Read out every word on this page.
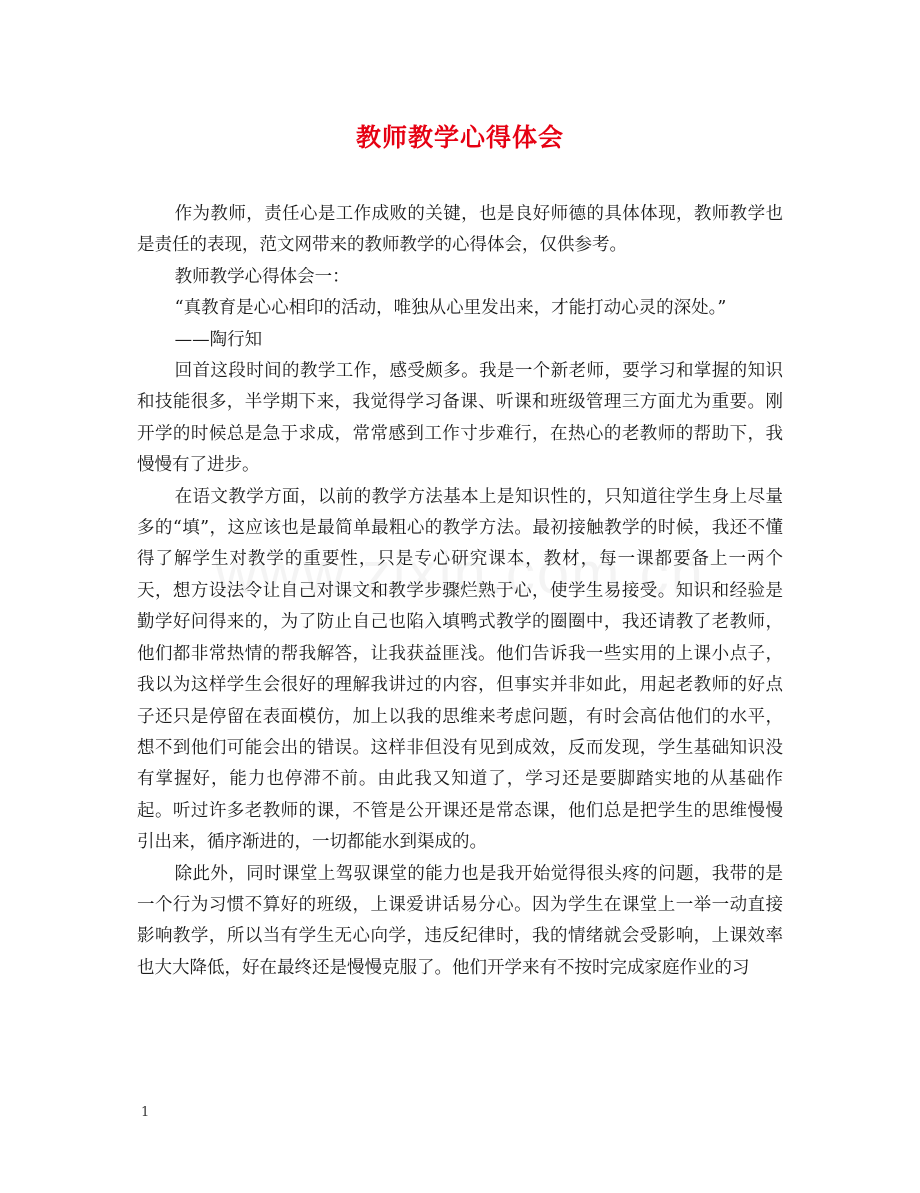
教师教学心得体会

作为教师，责任心是工作成败的关键，也是良好师德的具体体现，教师教学也是责任的表现，范文网带来的教师教学的心得体会，仅供参考。

教师教学心得体会一：

“真教育是心心相印的活动，唯独从心里发出来，才能打动心灵的深处。”

——陶行知

回首这段时间的教学工作，感受颇多。我是一个新老师，要学习和掌握的知识和技能很多，半学期下来，我觉得学习备课、听课和班级管理三方面尤为重要。刚开学的时候总是急于求成，常常感到工作寸步难行，在热心的老教师的帮助下，我慢慢有了进步。

在语文教学方面，以前的教学方法基本上是知识性的，只知道往学生身上尽量多的“填”，这应该也是最简单最粗心的教学方法。最初接触教学的时候，我还不懂得了解学生对教学的重要性，只是专心研究课本，教材，每一课都要备上一两个天，想方设法令让自己对课文和教学步骤烂熟于心，使学生易接受。知识和经验是勤学好问得来的，为了防止自己也陷入填鸭式教学的圈圈中，我还请教了老教师，他们都非常热情的帮我解答，让我获益匪浅。他们告诉我一些实用的上课小点子，我以为这样学生会很好的理解我讲过的内容，但事实并非如此，用起老教师的好点子还只是停留在表面模仿，加上以我的思维来考虑问题，有时会高估他们的水平，想不到他们可能会出的错误。这样非但没有见到成效，反而发现，学生基础知识没有掌握好，能力也停滞不前。由此我又知道了，学习还是要脚踏实地的从基础作起。听过许多老教师的课，不管是公开课还是常态课，他们总是把学生的思维慢慢引出来，循序渐进的，一切都能水到渠成的。

除此外，同时课堂上驾驭课堂的能力也是我开始觉得很头疼的问题，我带的是一个行为习惯不算好的班级，上课爱讲话易分心。因为学生在课堂上一举一动直接影响教学，所以当有学生无心向学，违反纪律时，我的情绪就会受影响，上课效率也大大降低，好在最终还是慢慢克服了。他们开学来有不按时完成家庭作业的习

1
